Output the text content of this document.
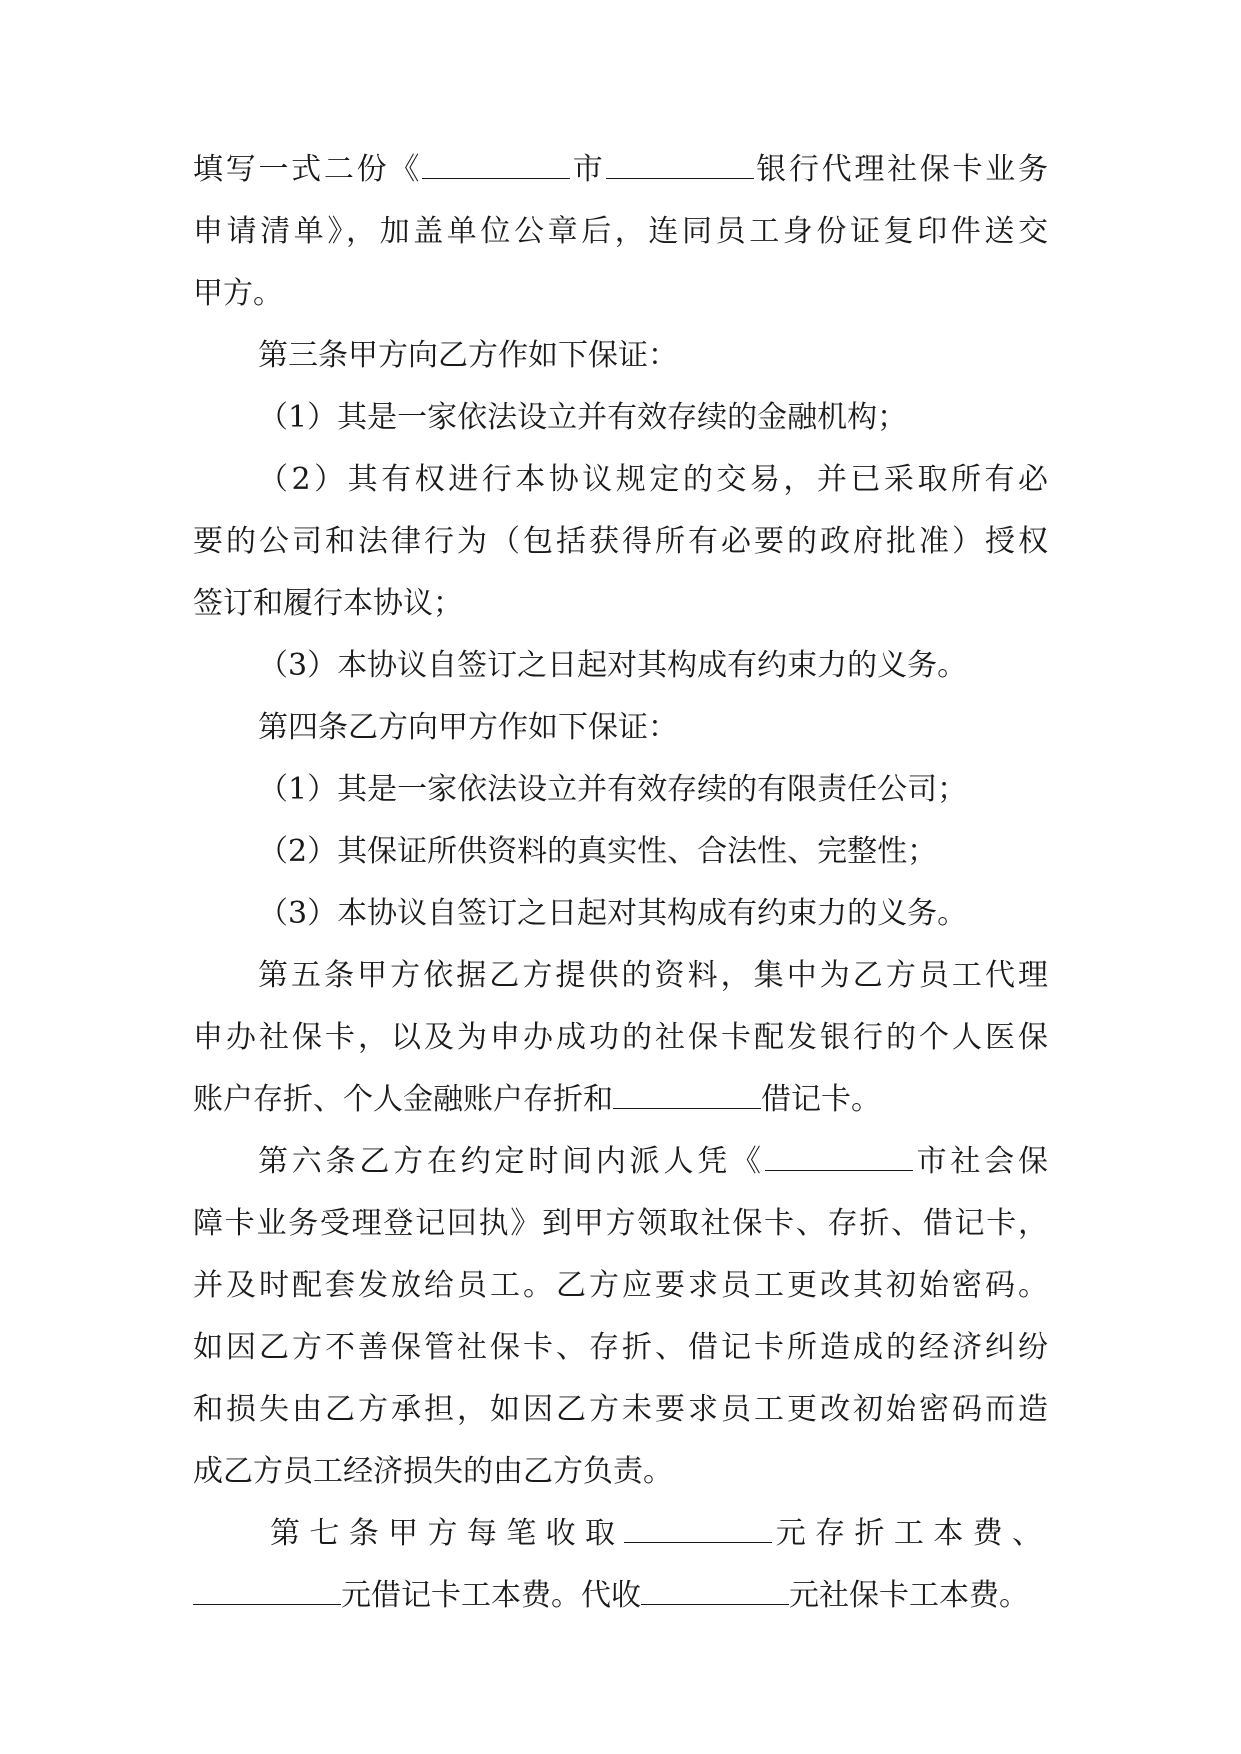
填写一式二份《	市	银行代理社保卡业务
申请清单》，加盖单位公章后，连同员工身份证复印件送交
甲方。
第三条甲方向乙方作如下保证：
（1）其是一家依法设立并有效存续的金融机构；
（2）其有权进行本协议规定的交易，并已采取所有必
要的公司和法律行为（包括获得所有必要的政府批准）授权
签订和履行本协议；
（3）本协议自签订之日起对其构成有约束力的义务。
第四条乙方向甲方作如下保证：
（1）其是一家依法设立并有效存续的有限责任公司；
（2）其保证所供资料的真实性、合法性、完整性；
（3）本协议自签订之日起对其构成有约束力的义务。
第五条甲方依据乙方提供的资料，集中为乙方员工代理
申办社保卡，以及为申办成功的社保卡配发银行的个人医保
账户存折、个人金融账户存折和	借记卡。
第六条乙方在约定时间内派人凭《	市社会保
障卡业务受理登记回执》到甲方领取社保卡、存折、借记卡，
并及时配套发放给员工。乙方应要求员工更改其初始密码。
如因乙方不善保管社保卡、存折、借记卡所造成的经济纠纷
和损失由乙方承担，如因乙方未要求员工更改初始密码而造
成乙方员工经济损失的由乙方负责。
第七条甲方每笔收取	元存折工本费、
元借记卡工本费。代收	元社保卡工本费。
